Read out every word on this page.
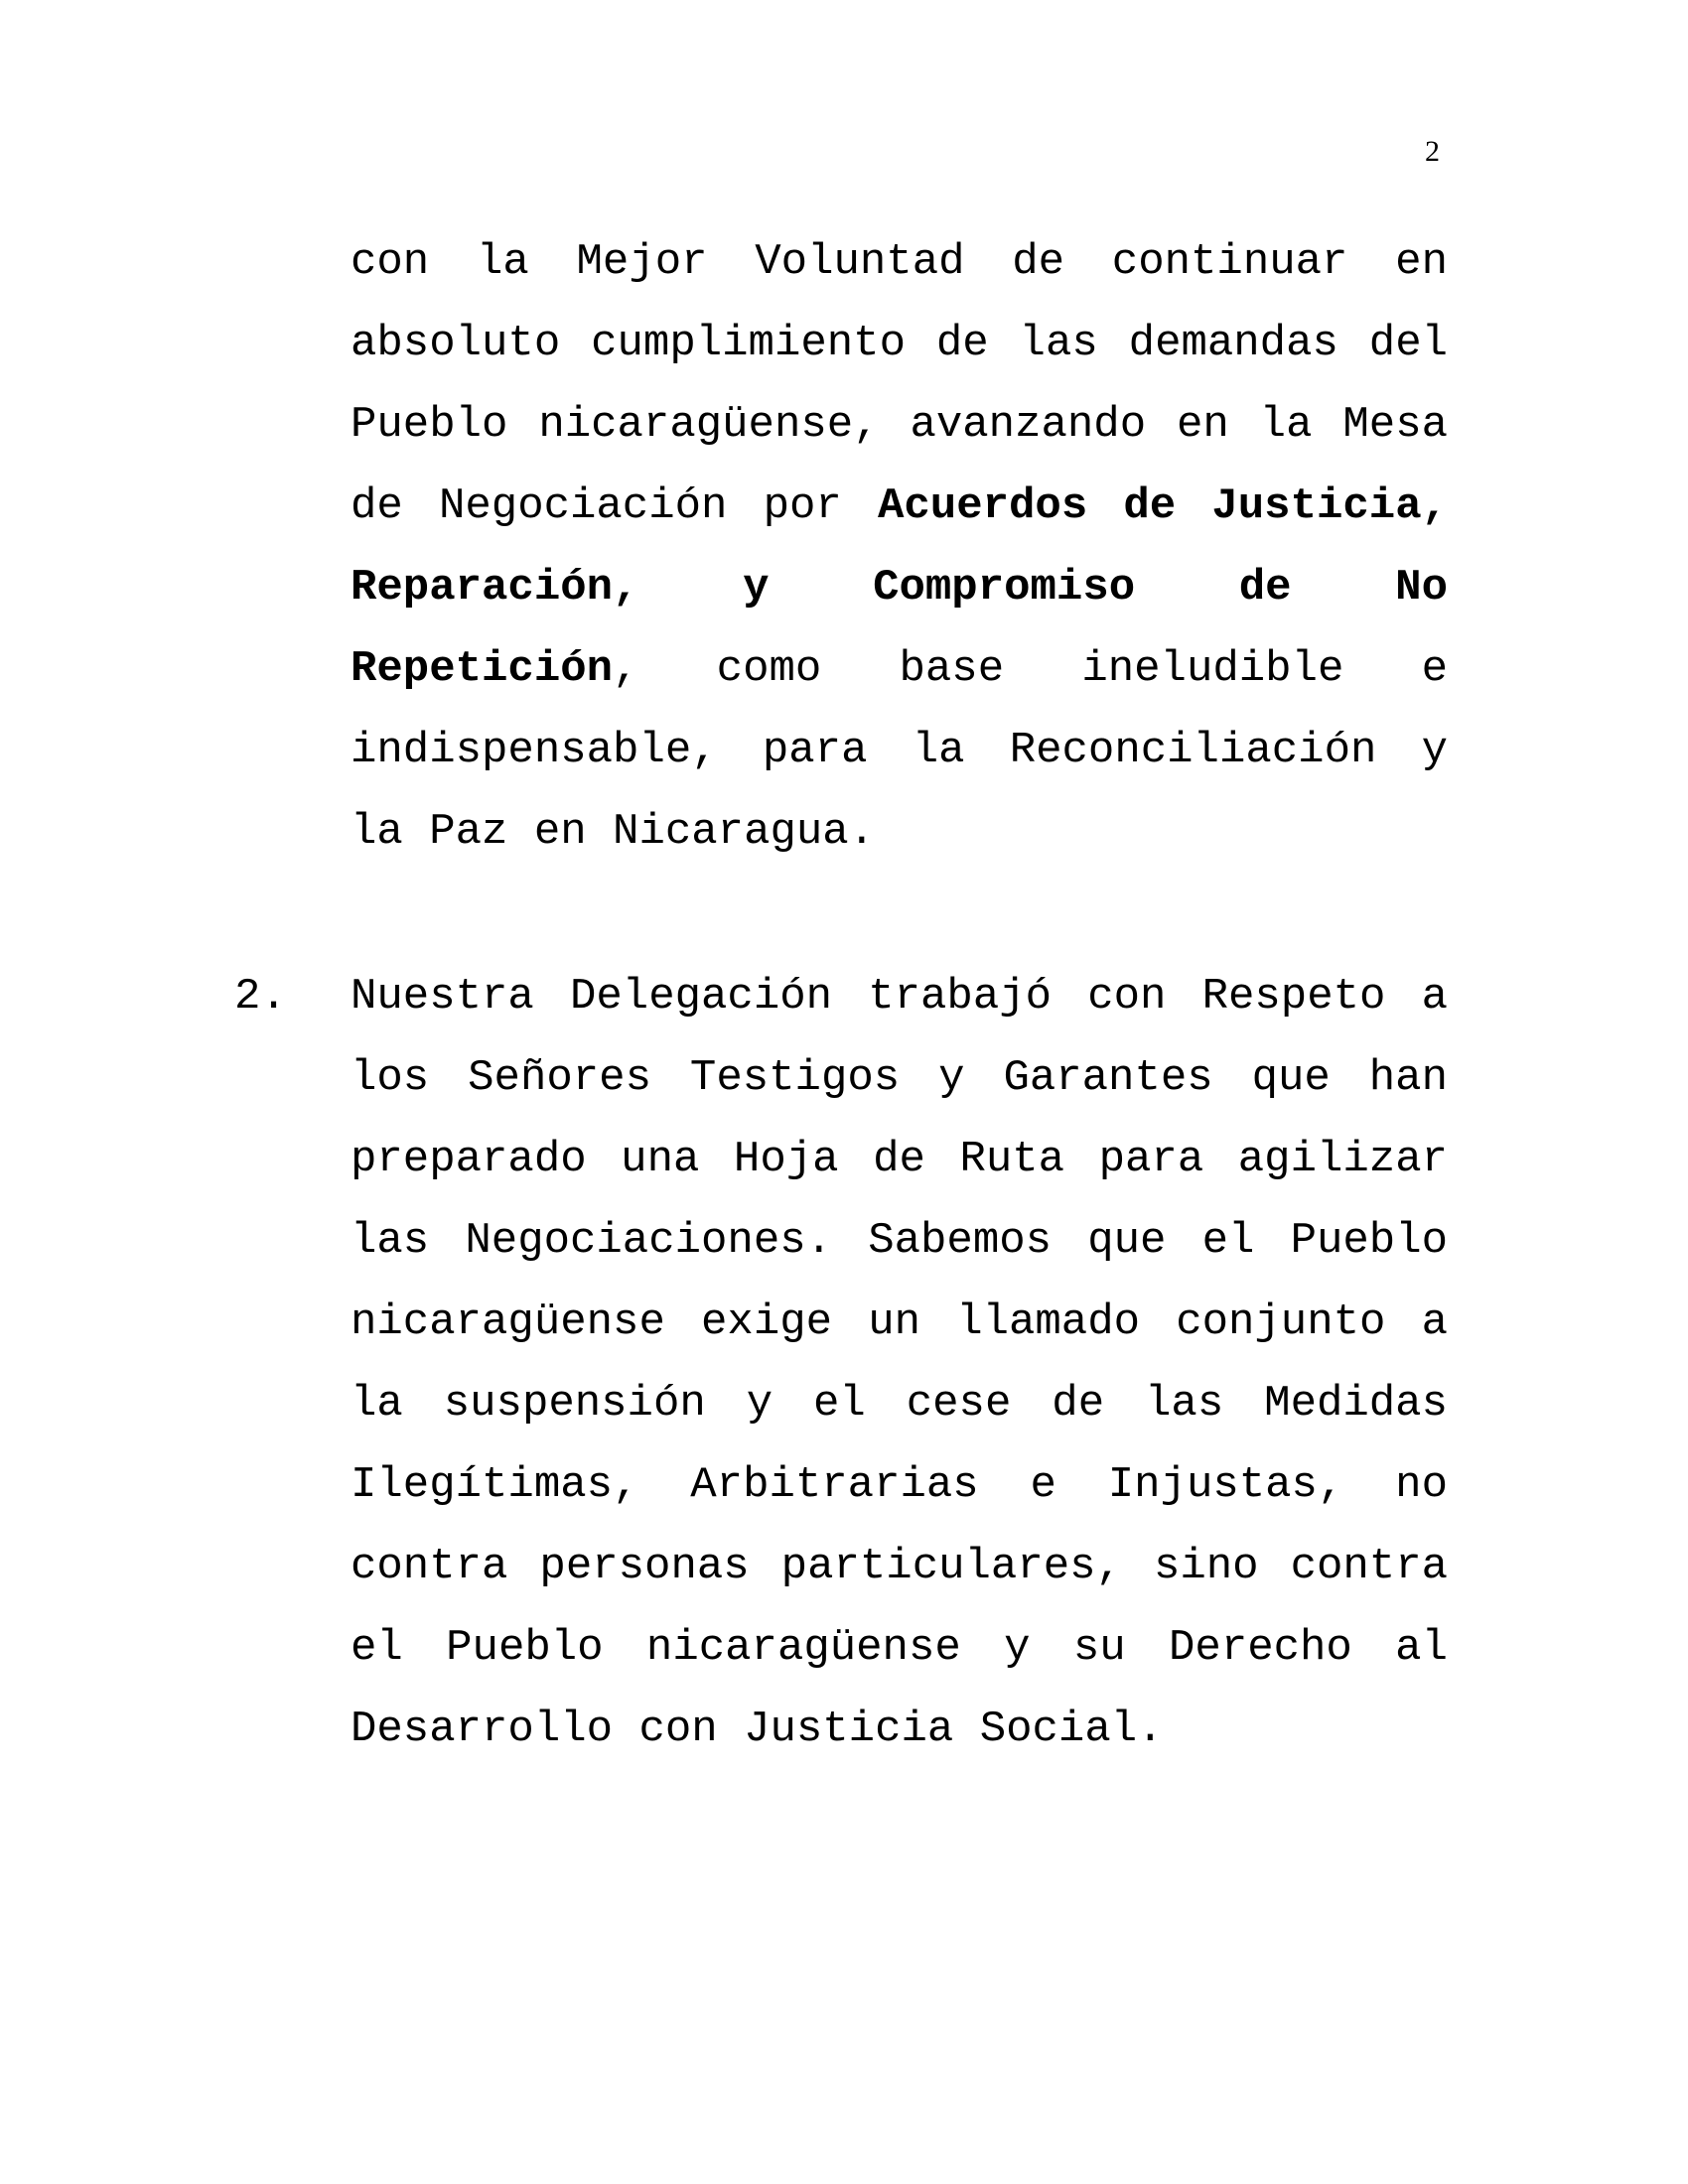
2
con la Mejor Voluntad de continuar en absoluto cumplimiento de las demandas del Pueblo nicaragüense, avanzando en la Mesa de Negociación por Acuerdos de Justicia, Reparación, y Compromiso de No Repetición, como base ineludible e indispensable, para la Reconciliación y la Paz en Nicaragua.
2. Nuestra Delegación trabajó con Respeto a los Señores Testigos y Garantes que han preparado una Hoja de Ruta para agilizar las Negociaciones. Sabemos que el Pueblo nicaragüense exige un llamado conjunto a la suspensión y el cese de las Medidas Ilegítimas, Arbitrarias e Injustas, no contra personas particulares, sino contra el Pueblo nicaragüense y su Derecho al Desarrollo con Justicia Social.
